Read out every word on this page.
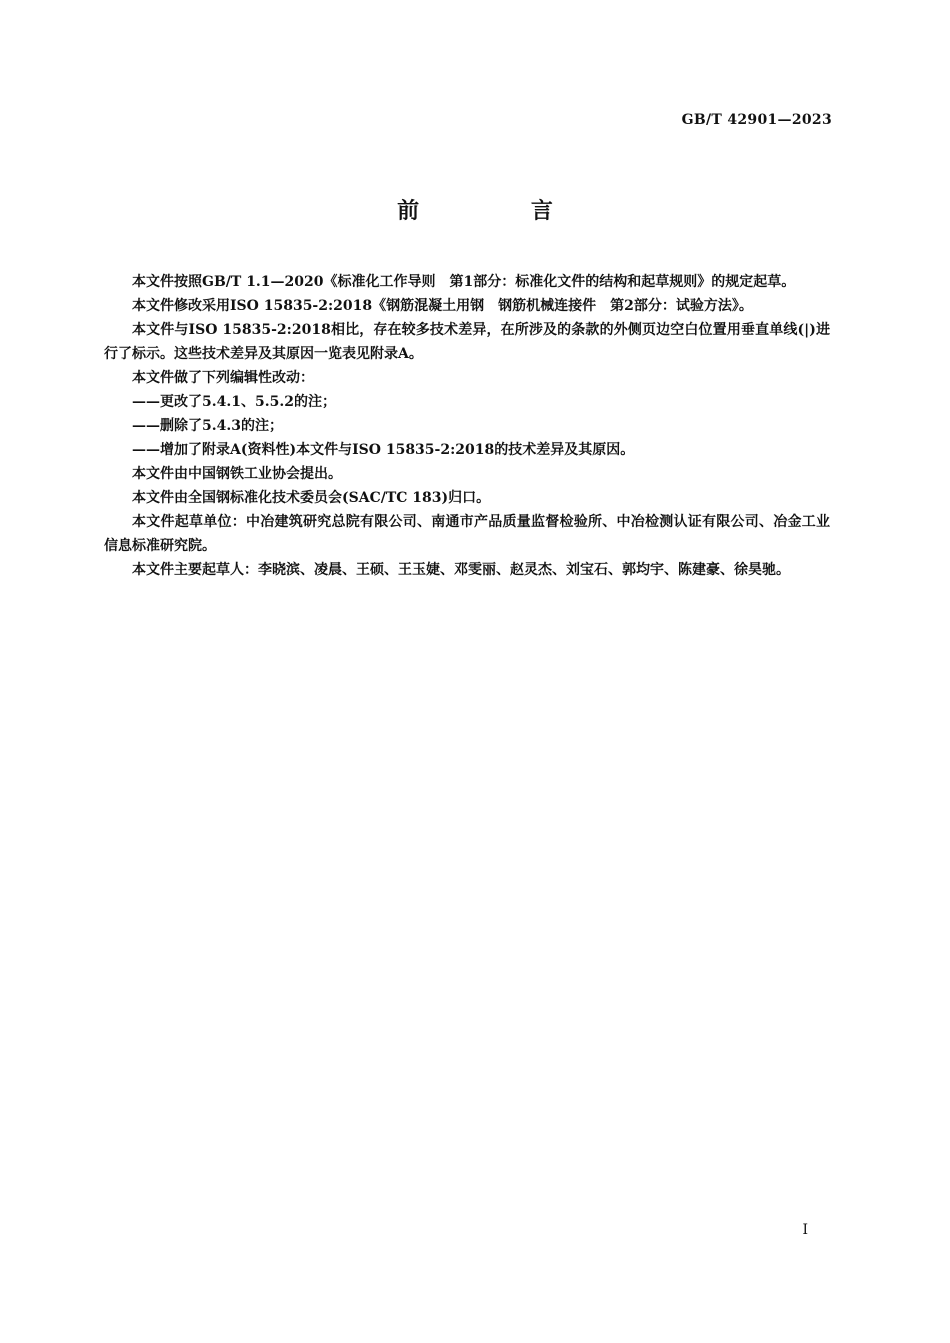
GB/T 42901—2023
前 言

本文件按照GB/T 1.1—2020《标准化工作导则　第1部分：标准化文件的结构和起草规则》的规定起草。

本文件修改采用ISO 15835-2:2018《钢筋混凝土用钢　钢筋机械连接件　第2部分：试验方法》。

本文件与ISO 15835-2:2018相比，存在较多技术差异，在所涉及的条款的外侧页边空白位置用垂直单线(|)进行了标示。这些技术差异及其原因一览表见附录A。

本文件做了下列编辑性改动：

——更改了5.4.1、5.5.2的注；

——删除了5.4.3的注；

——增加了附录A(资料性)本文件与ISO 15835-2:2018的技术差异及其原因。

本文件由中国钢铁工业协会提出。

本文件由全国钢标准化技术委员会(SAC/TC 183)归口。

本文件起草单位：中冶建筑研究总院有限公司、南通市产品质量监督检验所、中冶检测认证有限公司、冶金工业信息标准研究院。

本文件主要起草人：李晓滨、凌晨、王硕、王玉婕、邓雯丽、赵灵杰、刘宝石、郭均宇、陈建豪、徐昊驰。

I
